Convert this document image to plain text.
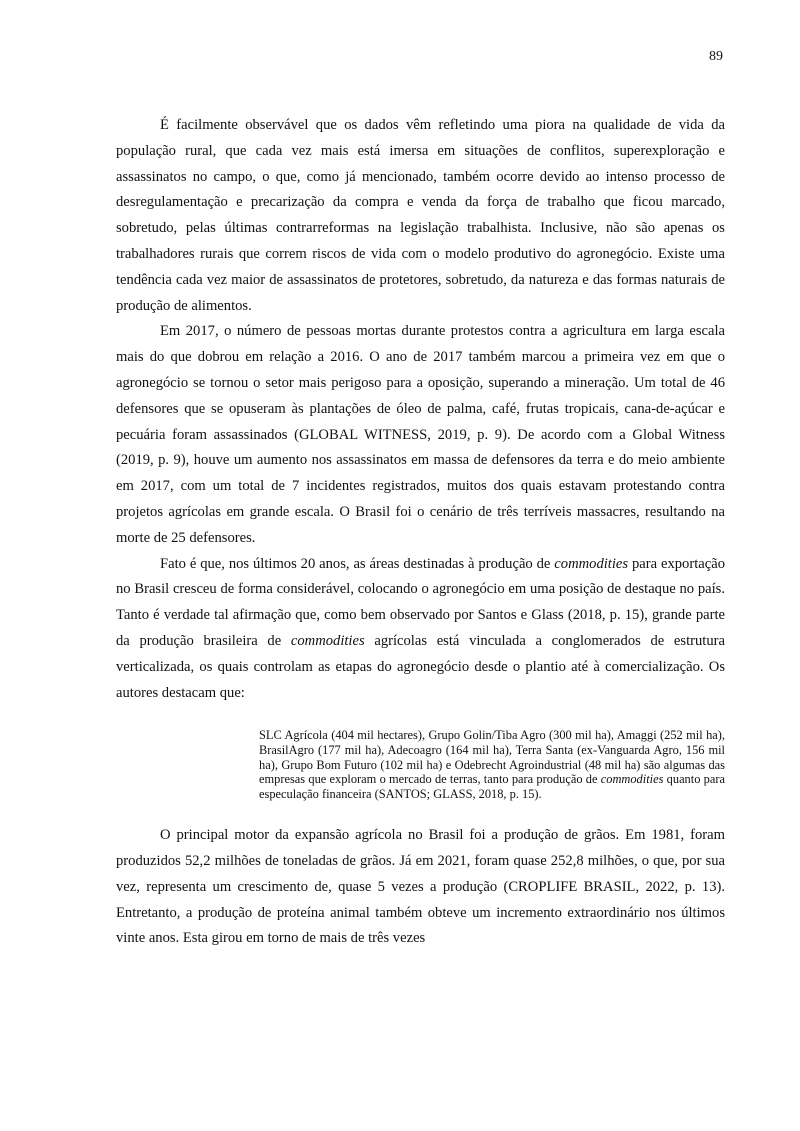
89

É facilmente observável que os dados vêm refletindo uma piora na qualidade de vida da população rural, que cada vez mais está imersa em situações de conflitos, superexploração e assassinatos no campo, o que, como já mencionado, também ocorre devido ao intenso processo de desregulamentação e precarização da compra e venda da força de trabalho que ficou marcado, sobretudo, pelas últimas contrarreformas na legislação trabalhista. Inclusive, não são apenas os trabalhadores rurais que correm riscos de vida com o modelo produtivo do agronegócio. Existe uma tendência cada vez maior de assassinatos de protetores, sobretudo, da natureza e das formas naturais de produção de alimentos.

Em 2017, o número de pessoas mortas durante protestos contra a agricultura em larga escala mais do que dobrou em relação a 2016. O ano de 2017 também marcou a primeira vez em que o agronegócio se tornou o setor mais perigoso para a oposição, superando a mineração. Um total de 46 defensores que se opuseram às plantações de óleo de palma, café, frutas tropicais, cana-de-açúcar e pecuária foram assassinados (GLOBAL WITNESS, 2019, p. 9). De acordo com a Global Witness (2019, p. 9), houve um aumento nos assassinatos em massa de defensores da terra e do meio ambiente em 2017, com um total de 7 incidentes registrados, muitos dos quais estavam protestando contra projetos agrícolas em grande escala. O Brasil foi o cenário de três terríveis massacres, resultando na morte de 25 defensores.

Fato é que, nos últimos 20 anos, as áreas destinadas à produção de commodities para exportação no Brasil cresceu de forma considerável, colocando o agronegócio em uma posição de destaque no país. Tanto é verdade tal afirmação que, como bem observado por Santos e Glass (2018, p. 15), grande parte da produção brasileira de commodities agrícolas está vinculada a conglomerados de estrutura verticalizada, os quais controlam as etapas do agronegócio desde o plantio até à comercialização. Os autores destacam que:

SLC Agrícola (404 mil hectares), Grupo Golin/Tiba Agro (300 mil ha), Amaggi (252 mil ha), BrasilAgro (177 mil ha), Adecoagro (164 mil ha), Terra Santa (ex-Vanguarda Agro, 156 mil ha), Grupo Bom Futuro (102 mil ha) e Odebrecht Agroindustrial (48 mil ha) são algumas das empresas que exploram o mercado de terras, tanto para produção de commodities quanto para especulação financeira (SANTOS; GLASS, 2018, p. 15).

O principal motor da expansão agrícola no Brasil foi a produção de grãos. Em 1981, foram produzidos 52,2 milhões de toneladas de grãos. Já em 2021, foram quase 252,8 milhões, o que, por sua vez, representa um crescimento de, quase 5 vezes a produção (CROPLIFE BRASIL, 2022, p. 13). Entretanto, a produção de proteína animal também obteve um incremento extraordinário nos últimos vinte anos. Esta girou em torno de mais de três vezes
